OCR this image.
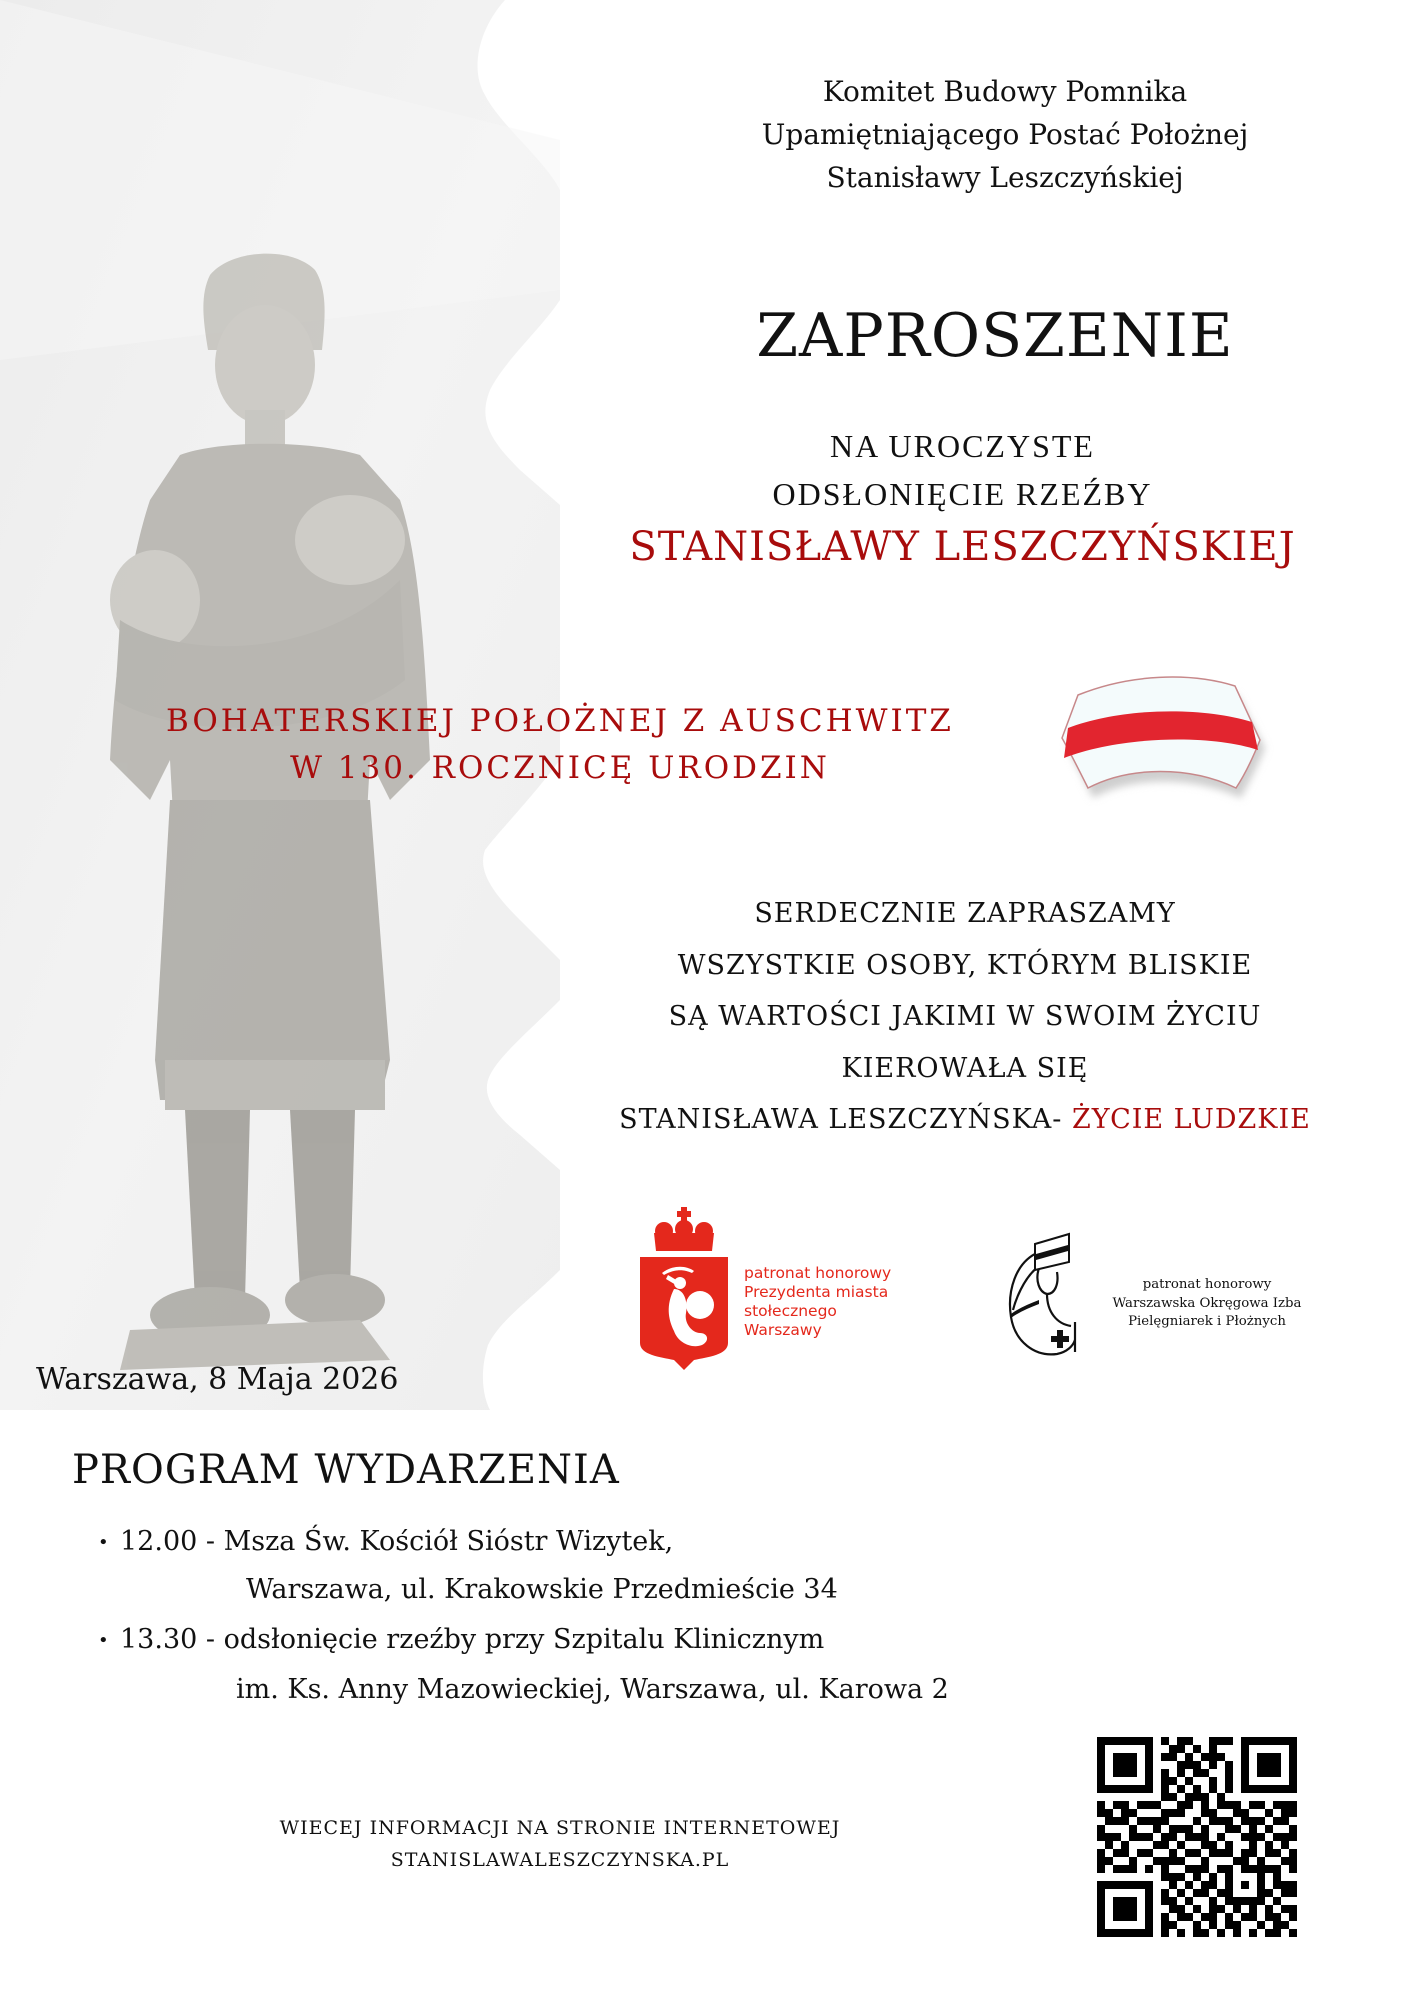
Komitet Budowy Pomnika
Upamiętniającego Postać Położnej
Stanisławy Leszczyńskiej
ZAPROSZENIE
NA UROCZYSTE
ODSŁONIĘCIE RZEŹBY
STANISŁAWY LESZCZYŃSKIEJ
BOHATERSKIEJ POŁOŻNEJ Z AUSCHWITZ
W 130. ROCZNICĘ URODZIN
SERDECZNIE ZAPRASZAMY
WSZYSTKIE OSOBY, KTÓRYM BLISKIE
SĄ WARTOŚCI JAKIMI W SWOIM ŻYCIU
KIEROWAŁA SIĘ
STANISŁAWA LESZCZYŃSKA- ŻYCIE LUDZKIE
patronat honorowy
Prezydenta miasta
stołecznego
Warszawy
patronat honorowy
Warszawska Okręgowa Izba
Pielęgniarek i Płożnych
Warszawa, 8 Maja 2026
PROGRAM WYDARZENIA
• 12.00 - Msza Św. Kościół Sióstr Wizytek,
Warszawa, ul. Krakowskie Przedmieście 34
• 13.30 - odsłonięcie rzeźby przy Szpitalu Klinicznym
im. Ks. Anny Mazowieckiej, Warszawa, ul. Karowa 2
WIECEJ INFORMACJI NA STRONIE INTERNETOWEJ
STANISLAWALESZCZYNSKA.PL
